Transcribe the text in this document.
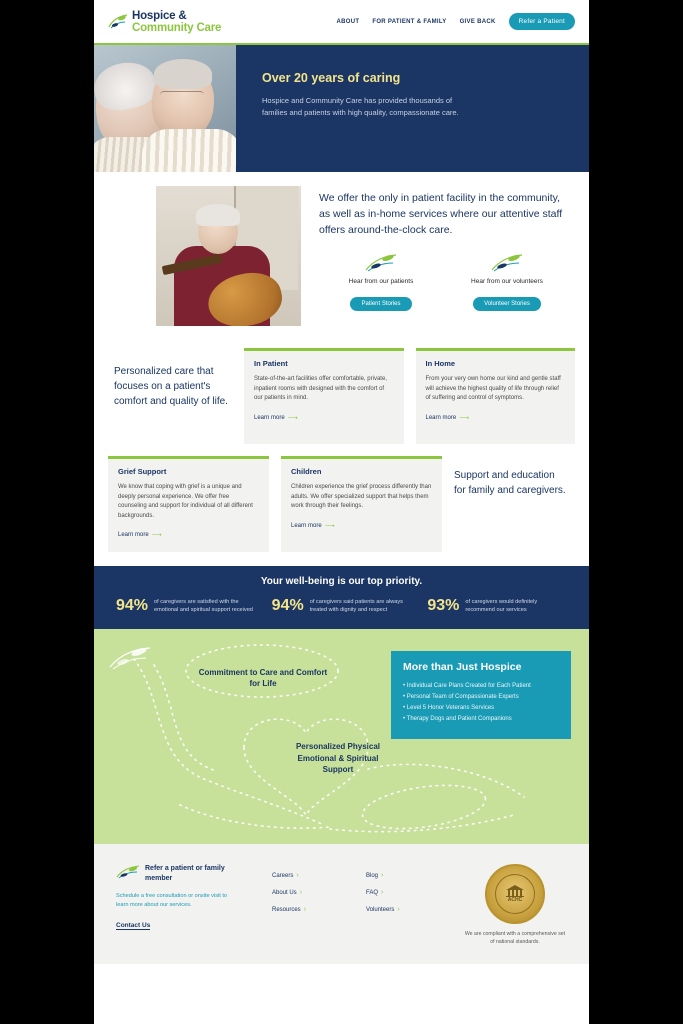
Hospice &
Community Care	ABOUT FOR PATIENT & FAMILY GIVE BACK	Refer a Patient
Over 20 years of caring
Hospice and Community Care has provided thousands of families and patients with high quality, compassionate care.
We offer the only in patient facility in the community, as well as in-home services where our attentive staff offers around-the-clock care.
Hear from our patients
Patient Stories
Hear from our volunteers
Volunteer Stories
Personalized care that focuses on a patient's comfort and quality of life.
In Patient
State-of-the-art facilities offer comfortable, private, inpatient rooms with designed with the comfort of our patients in mind.
Learn more ⟶
In Home
From your very own home our kind and gentle staff will achieve the highest quality of life through relief of suffering and control of symptoms.
Learn more ⟶
Grief Support
We know that coping with grief is a unique and deeply personal experience. We offer free counseling and support for individual of all different backgrounds.
Learn more ⟶
Children
Children experience the grief process differently than adults. We offer specialized support that helps them work through their feelings.
Learn more ⟶
Support and education for family and caregivers.
Your well-being is our top priority.
94% of caregivers are satisfied with the emotional and spiritual support received 94% of caregivers said patients are always treated with dignity and respect	93% of caregivers would definitely recommend our services
Commitment to Care and Comfort for Life
Personalized Physical Emotional & Spiritual Support
More than Just Hospice
• Individual Care Plans Created for Each Patient
• Personal Team of Compassionate Experts
• Level 5 Honor Veterans Services
• Therapy Dogs and Patient Companions
Refer a patient or family member
Schedule a free consultation or onsite visit to learn more about our services.
Contact Us
Careers ›
About Us ›
Resources ›
Blog ›
FAQ ›
Volunteers ›
ACHC
We are compliant with a comprehensive set of national standards.
